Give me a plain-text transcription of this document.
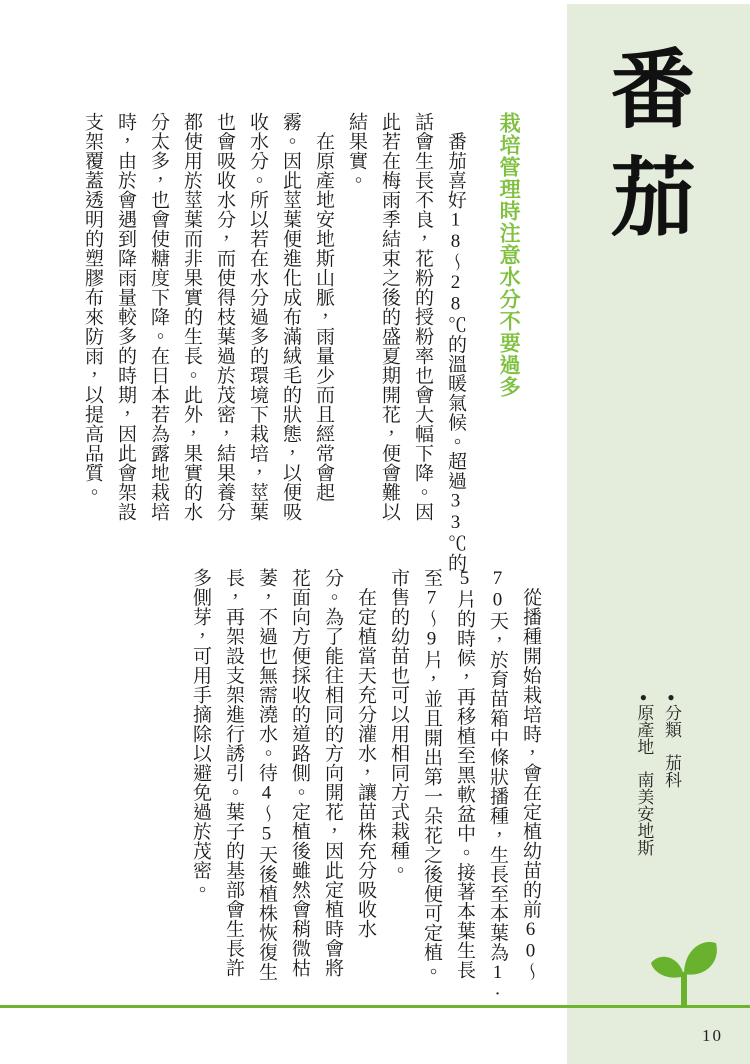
番茄
●分類茄科
●原產地南美安地斯
栽培管理時注意水分不要過多
　番茄喜好18～28℃的溫暖氣候。超過33℃的
話會生長不良，花粉的授粉率也會大幅下降。因
此若在梅雨季結束之後的盛夏期開花，便會難以
結果實。
　在原產地安地斯山脈，雨量少而且經常會起
霧。因此莖葉便進化成布滿絨毛的狀態，以便吸
收水分。所以若在水分過多的環境下栽培，莖葉
也會吸收水分，而使得枝葉過於茂密，結果養分
都使用於莖葉而非果實的生長。此外，果實的水
分太多，也會使糖度下降。在日本若為露地栽培
時，由於會遇到降雨量較多的時期，因此會架設
支架覆蓋透明的塑膠布來防雨，以提高品質。
　從播種開始栽培時，會在定植幼苗的前60～
70天，於育苗箱中條狀播種，生長至本葉為1·
5片的時候，再移植至黑軟盆中。接著本葉生長
至7～9片，並且開出第一朵花之後便可定植。
市售的幼苗也可以用相同方式栽種。
　在定植當天充分灌水，讓苗株充分吸收水
分。為了能往相同的方向開花，因此定植時會將
花面向方便採收的道路側。定植後雖然會稍微枯
萎，不過也無需澆水。待4～5天後植株恢復生
長，再架設支架進行誘引。葉子的基部會生長許
多側芽，可用手摘除以避免過於茂密。
10
